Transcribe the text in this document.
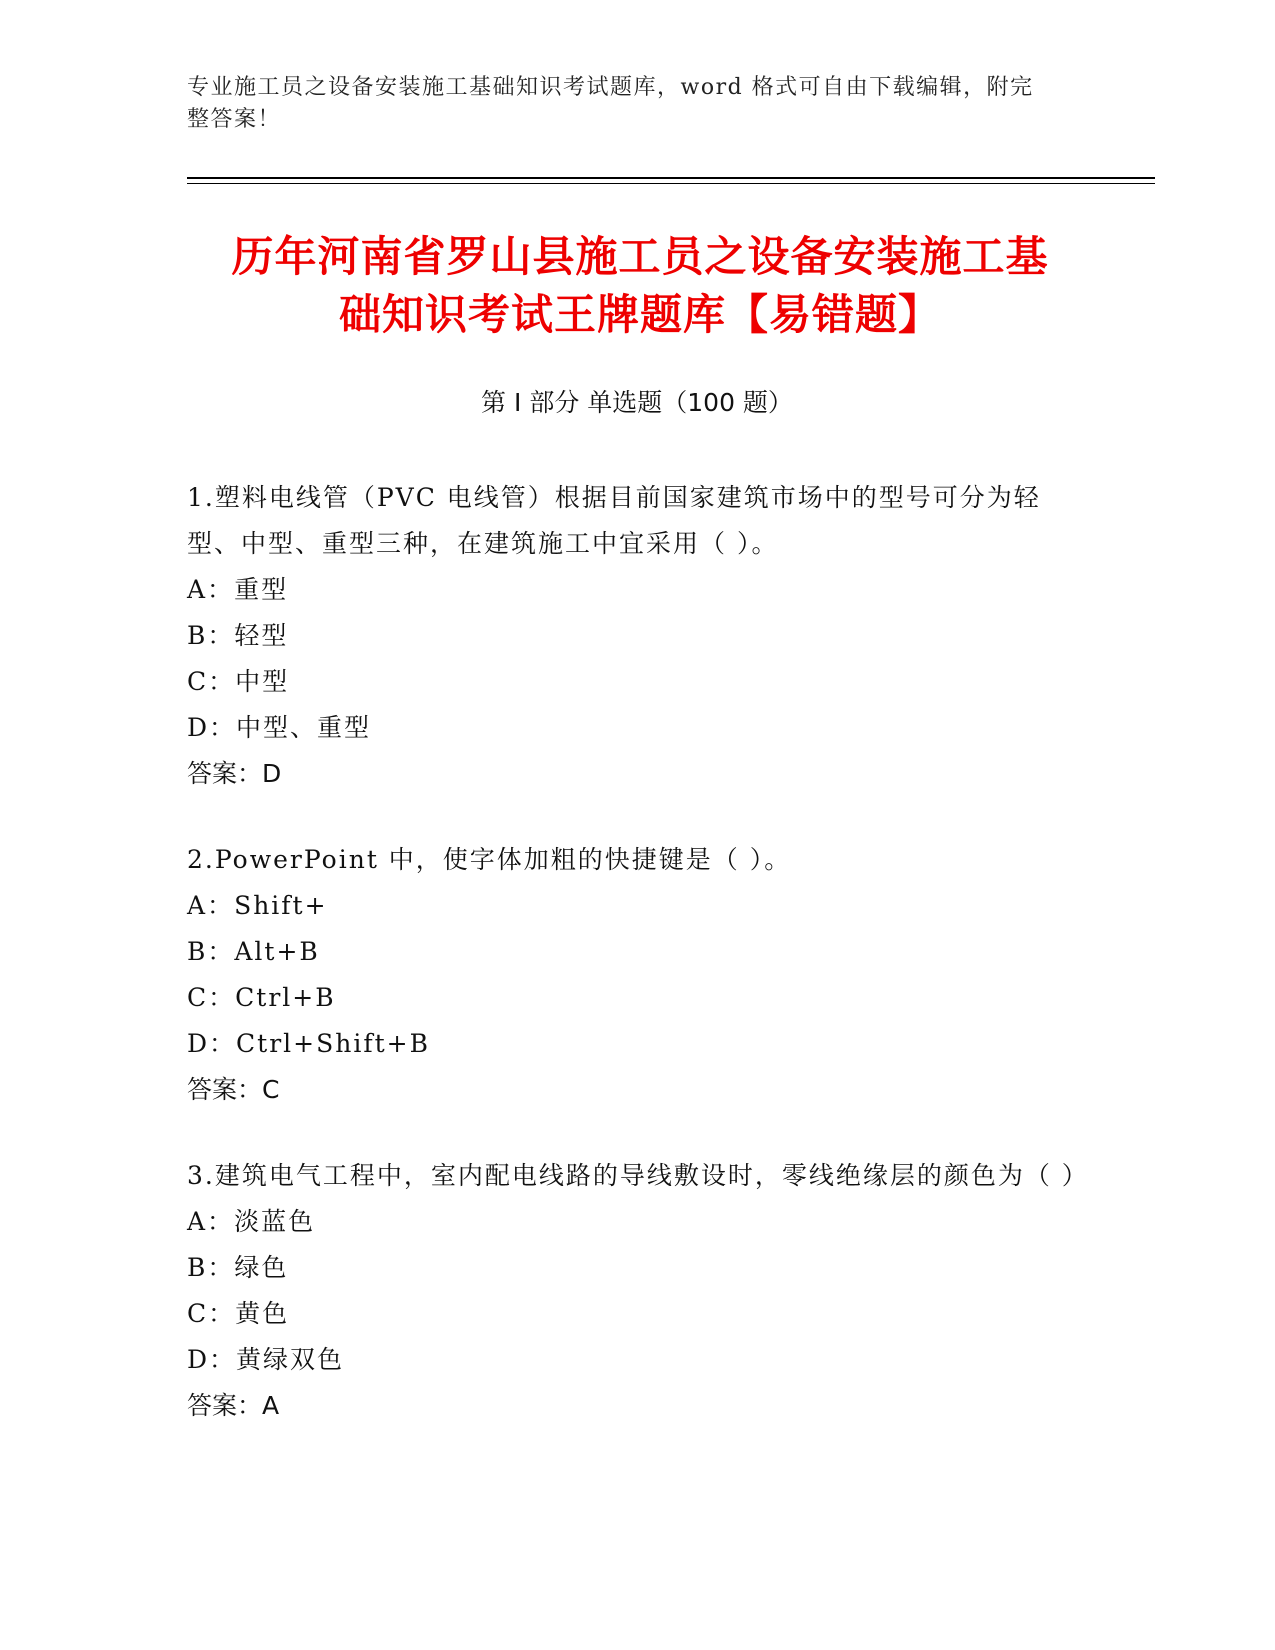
专业施工员之设备安装施工基础知识考试题库，word 格式可自由下载编辑，附完整答案！
历年河南省罗山县施工员之设备安装施工基
础知识考试王牌题库【易错题】
第 I 部分 单选题（100 题）

1.塑料电线管（PVC 电线管）根据目前国家建筑市场中的型号可分为轻型、中型、重型三种，在建筑施工中宜采用（ ）。

A：重型

B：轻型

C：中型

D：中型、重型

答案：D

2.PowerPoint 中，使字体加粗的快捷键是（ ）。

A：Shift+

B：Alt+B

C：Ctrl+B

D：Ctrl+Shift+B

答案：C

3.建筑电气工程中，室内配电线路的导线敷设时，零线绝缘层的颜色为（ ）

A：淡蓝色

B：绿色

C：黄色

D：黄绿双色

答案：A
